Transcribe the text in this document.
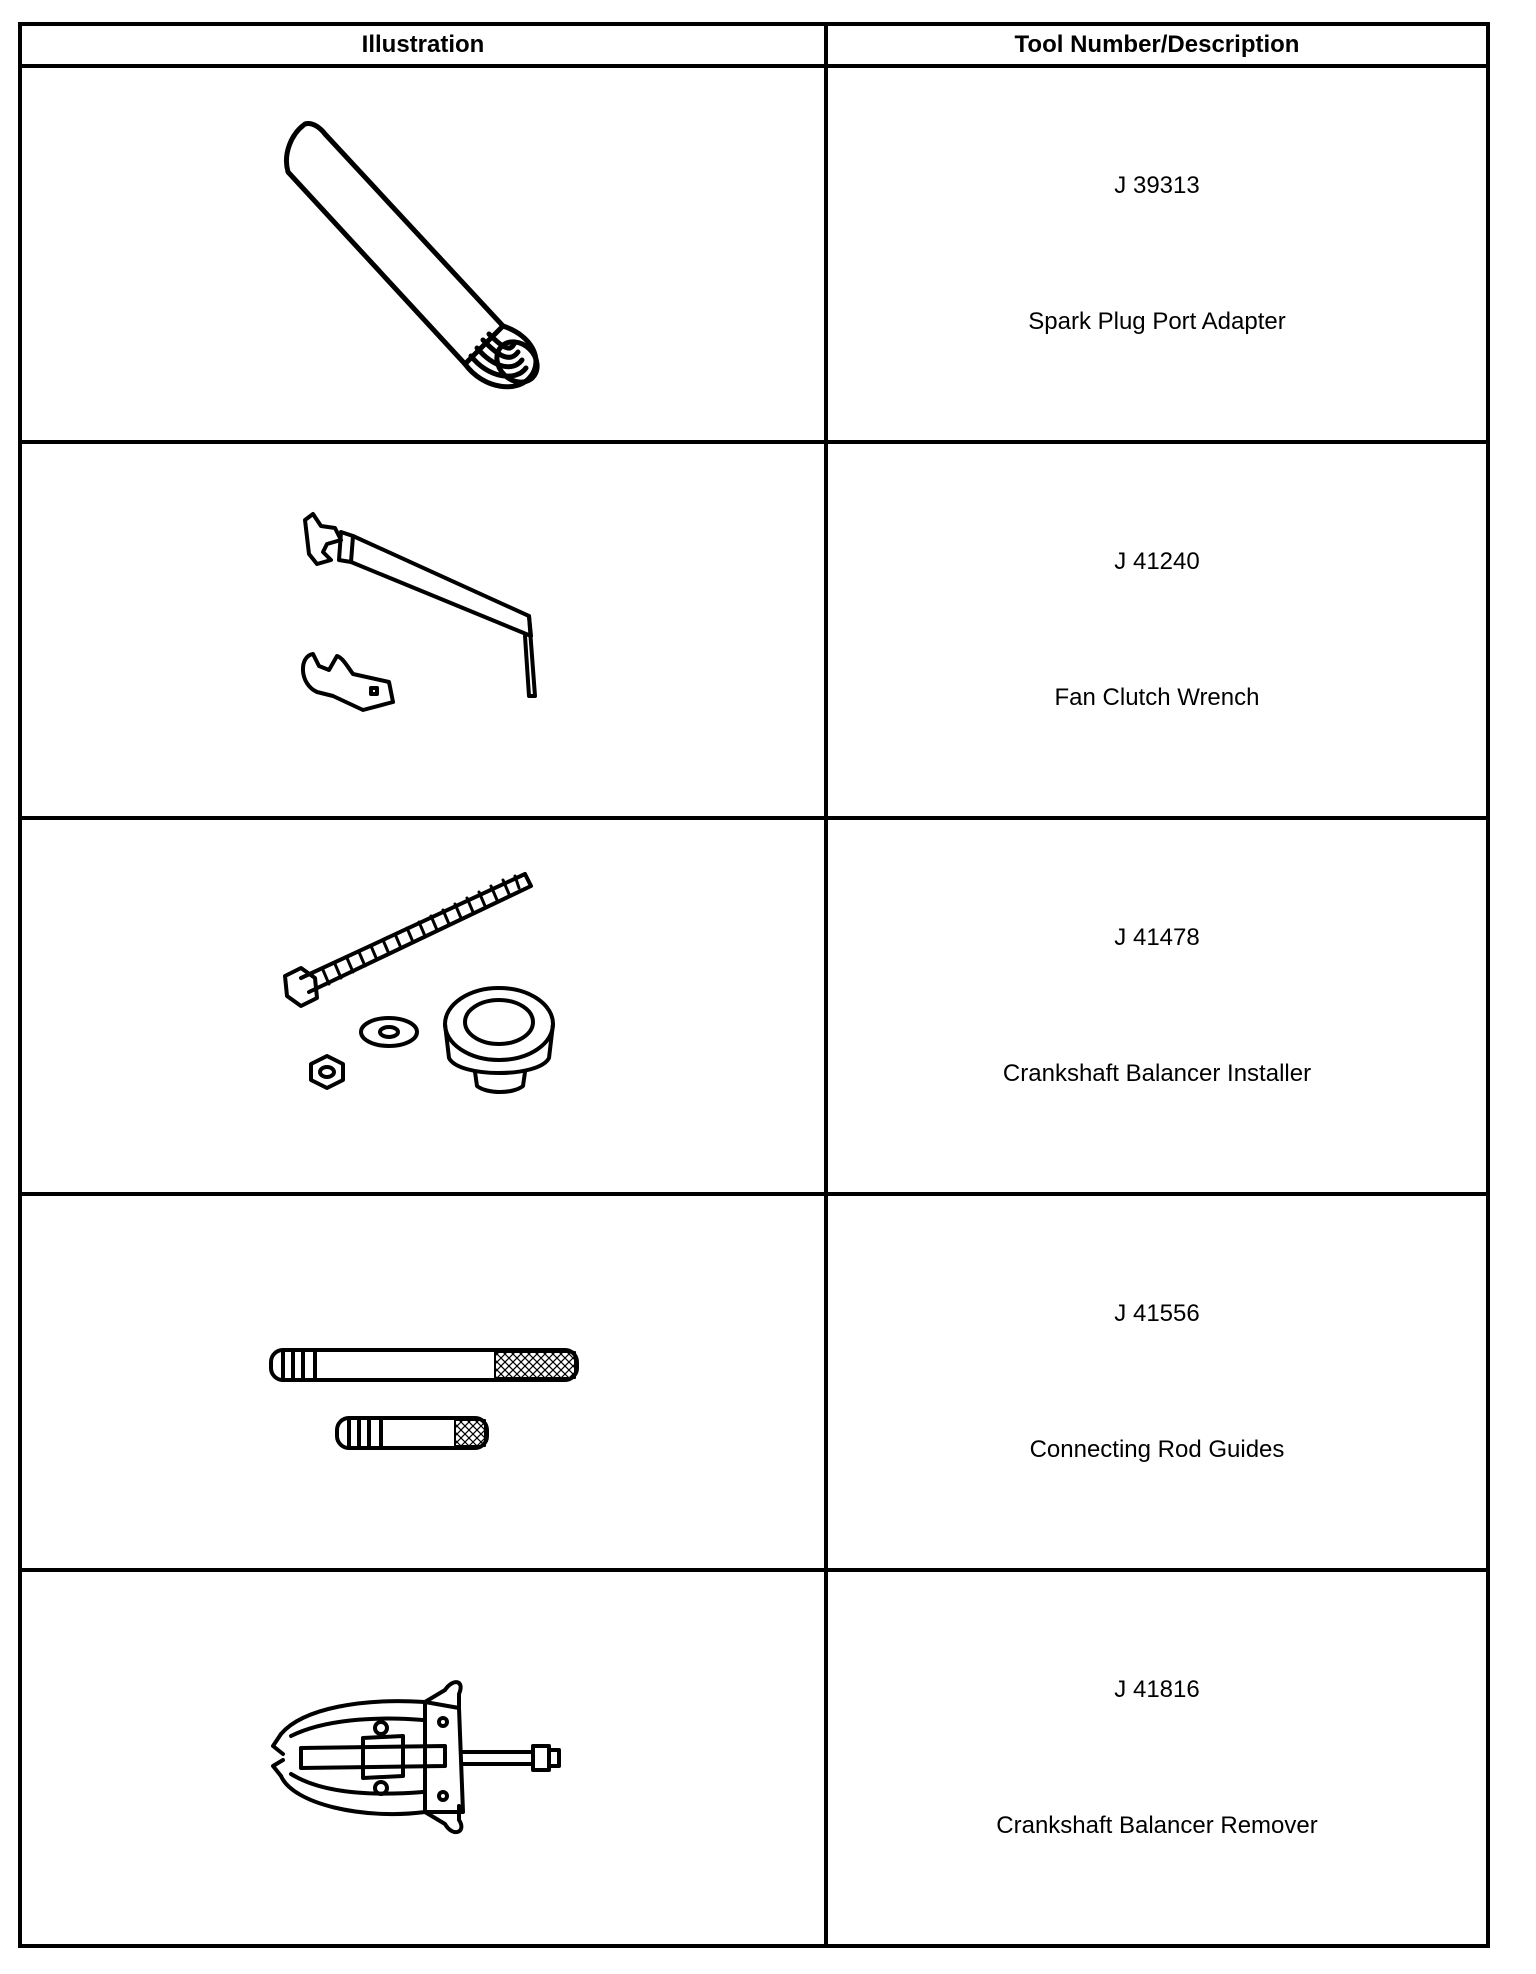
Illustration	Tool Number/Description

J 39313
Spark Plug Port Adapter

J 41240
Fan Clutch Wrench

J 41478
Crankshaft Balancer Installer

J 41556
Connecting Rod Guides

J 41816
Crankshaft Balancer Remover
